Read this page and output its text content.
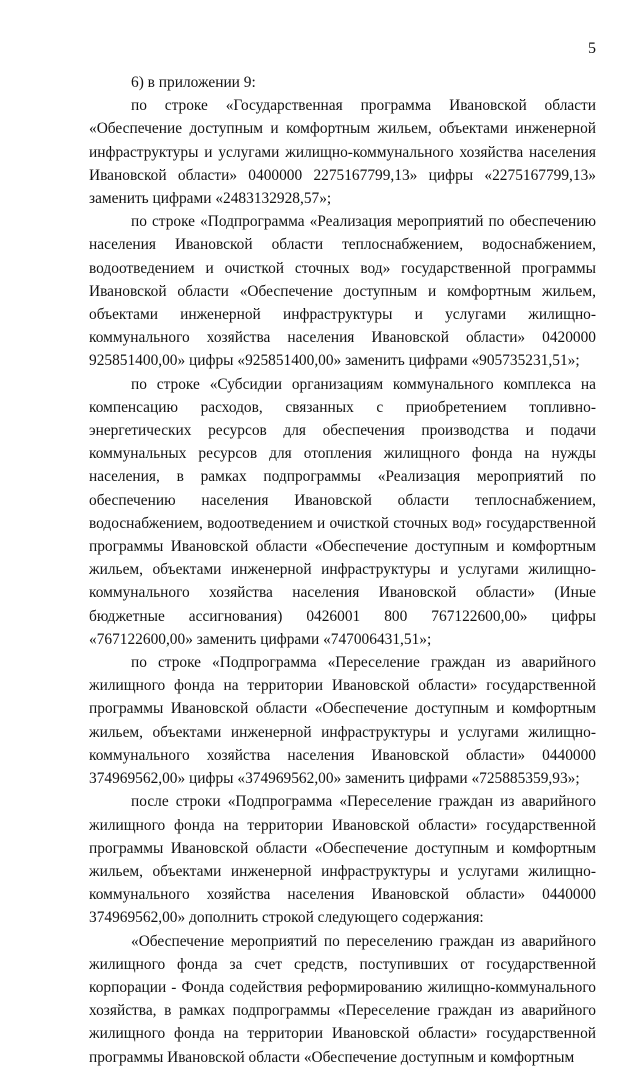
5

6) в приложении 9:

по строке «Государственная программа Ивановской области «Обеспечение доступным и комфортным жильем, объектами инженерной инфраструктуры и услугами жилищно-коммунального хозяйства населения Ивановской области» 0400000 2275167799,13» цифры «2275167799,13» заменить цифрами «2483132928,57»;

по строке «Подпрограмма «Реализация мероприятий по обеспечению населения Ивановской области теплоснабжением, водоснабжением, водоотведением и очисткой сточных вод» государственной программы Ивановской области «Обеспечение доступным и комфортным жильем, объектами инженерной инфраструктуры и услугами жилищно-коммунального хозяйства населения Ивановской области» 0420000 925851400,00» цифры «925851400,00» заменить цифрами «905735231,51»;

по строке «Субсидии организациям коммунального комплекса на компенсацию расходов, связанных с приобретением топливно-энергетических ресурсов для обеспечения производства и подачи коммунальных ресурсов для отопления жилищного фонда на нужды населения, в рамках подпрограммы «Реализация мероприятий по обеспечению населения Ивановской области теплоснабжением, водоснабжением, водоотведением и очисткой сточных вод» государственной программы Ивановской области «Обеспечение доступным и комфортным жильем, объектами инженерной инфраструктуры и услугами жилищно-коммунального хозяйства населения Ивановской области» (Иные бюджетные ассигнования) 0426001 800 767122600,00» цифры «767122600,00» заменить цифрами «747006431,51»;

по строке «Подпрограмма «Переселение граждан из аварийного жилищного фонда на территории Ивановской области» государственной программы Ивановской области «Обеспечение доступным и комфортным жильем, объектами инженерной инфраструктуры и услугами жилищно-коммунального хозяйства населения Ивановской области» 0440000 374969562,00» цифры «374969562,00» заменить цифрами «725885359,93»;

после строки «Подпрограмма «Переселение граждан из аварийного жилищного фонда на территории Ивановской области» государственной программы Ивановской области «Обеспечение доступным и комфортным жильем, объектами инженерной инфраструктуры и услугами жилищно-коммунального хозяйства населения Ивановской области» 0440000 374969562,00» дополнить строкой следующего содержания:

«Обеспечение мероприятий по переселению граждан из аварийного жилищного фонда за счет средств, поступивших от государственной корпорации - Фонда содействия реформированию жилищно-коммунального хозяйства, в рамках подпрограммы «Переселение граждан из аварийного жилищного фонда на территории Ивановской области» государственной программы Ивановской области «Обеспечение доступным и комфортным
